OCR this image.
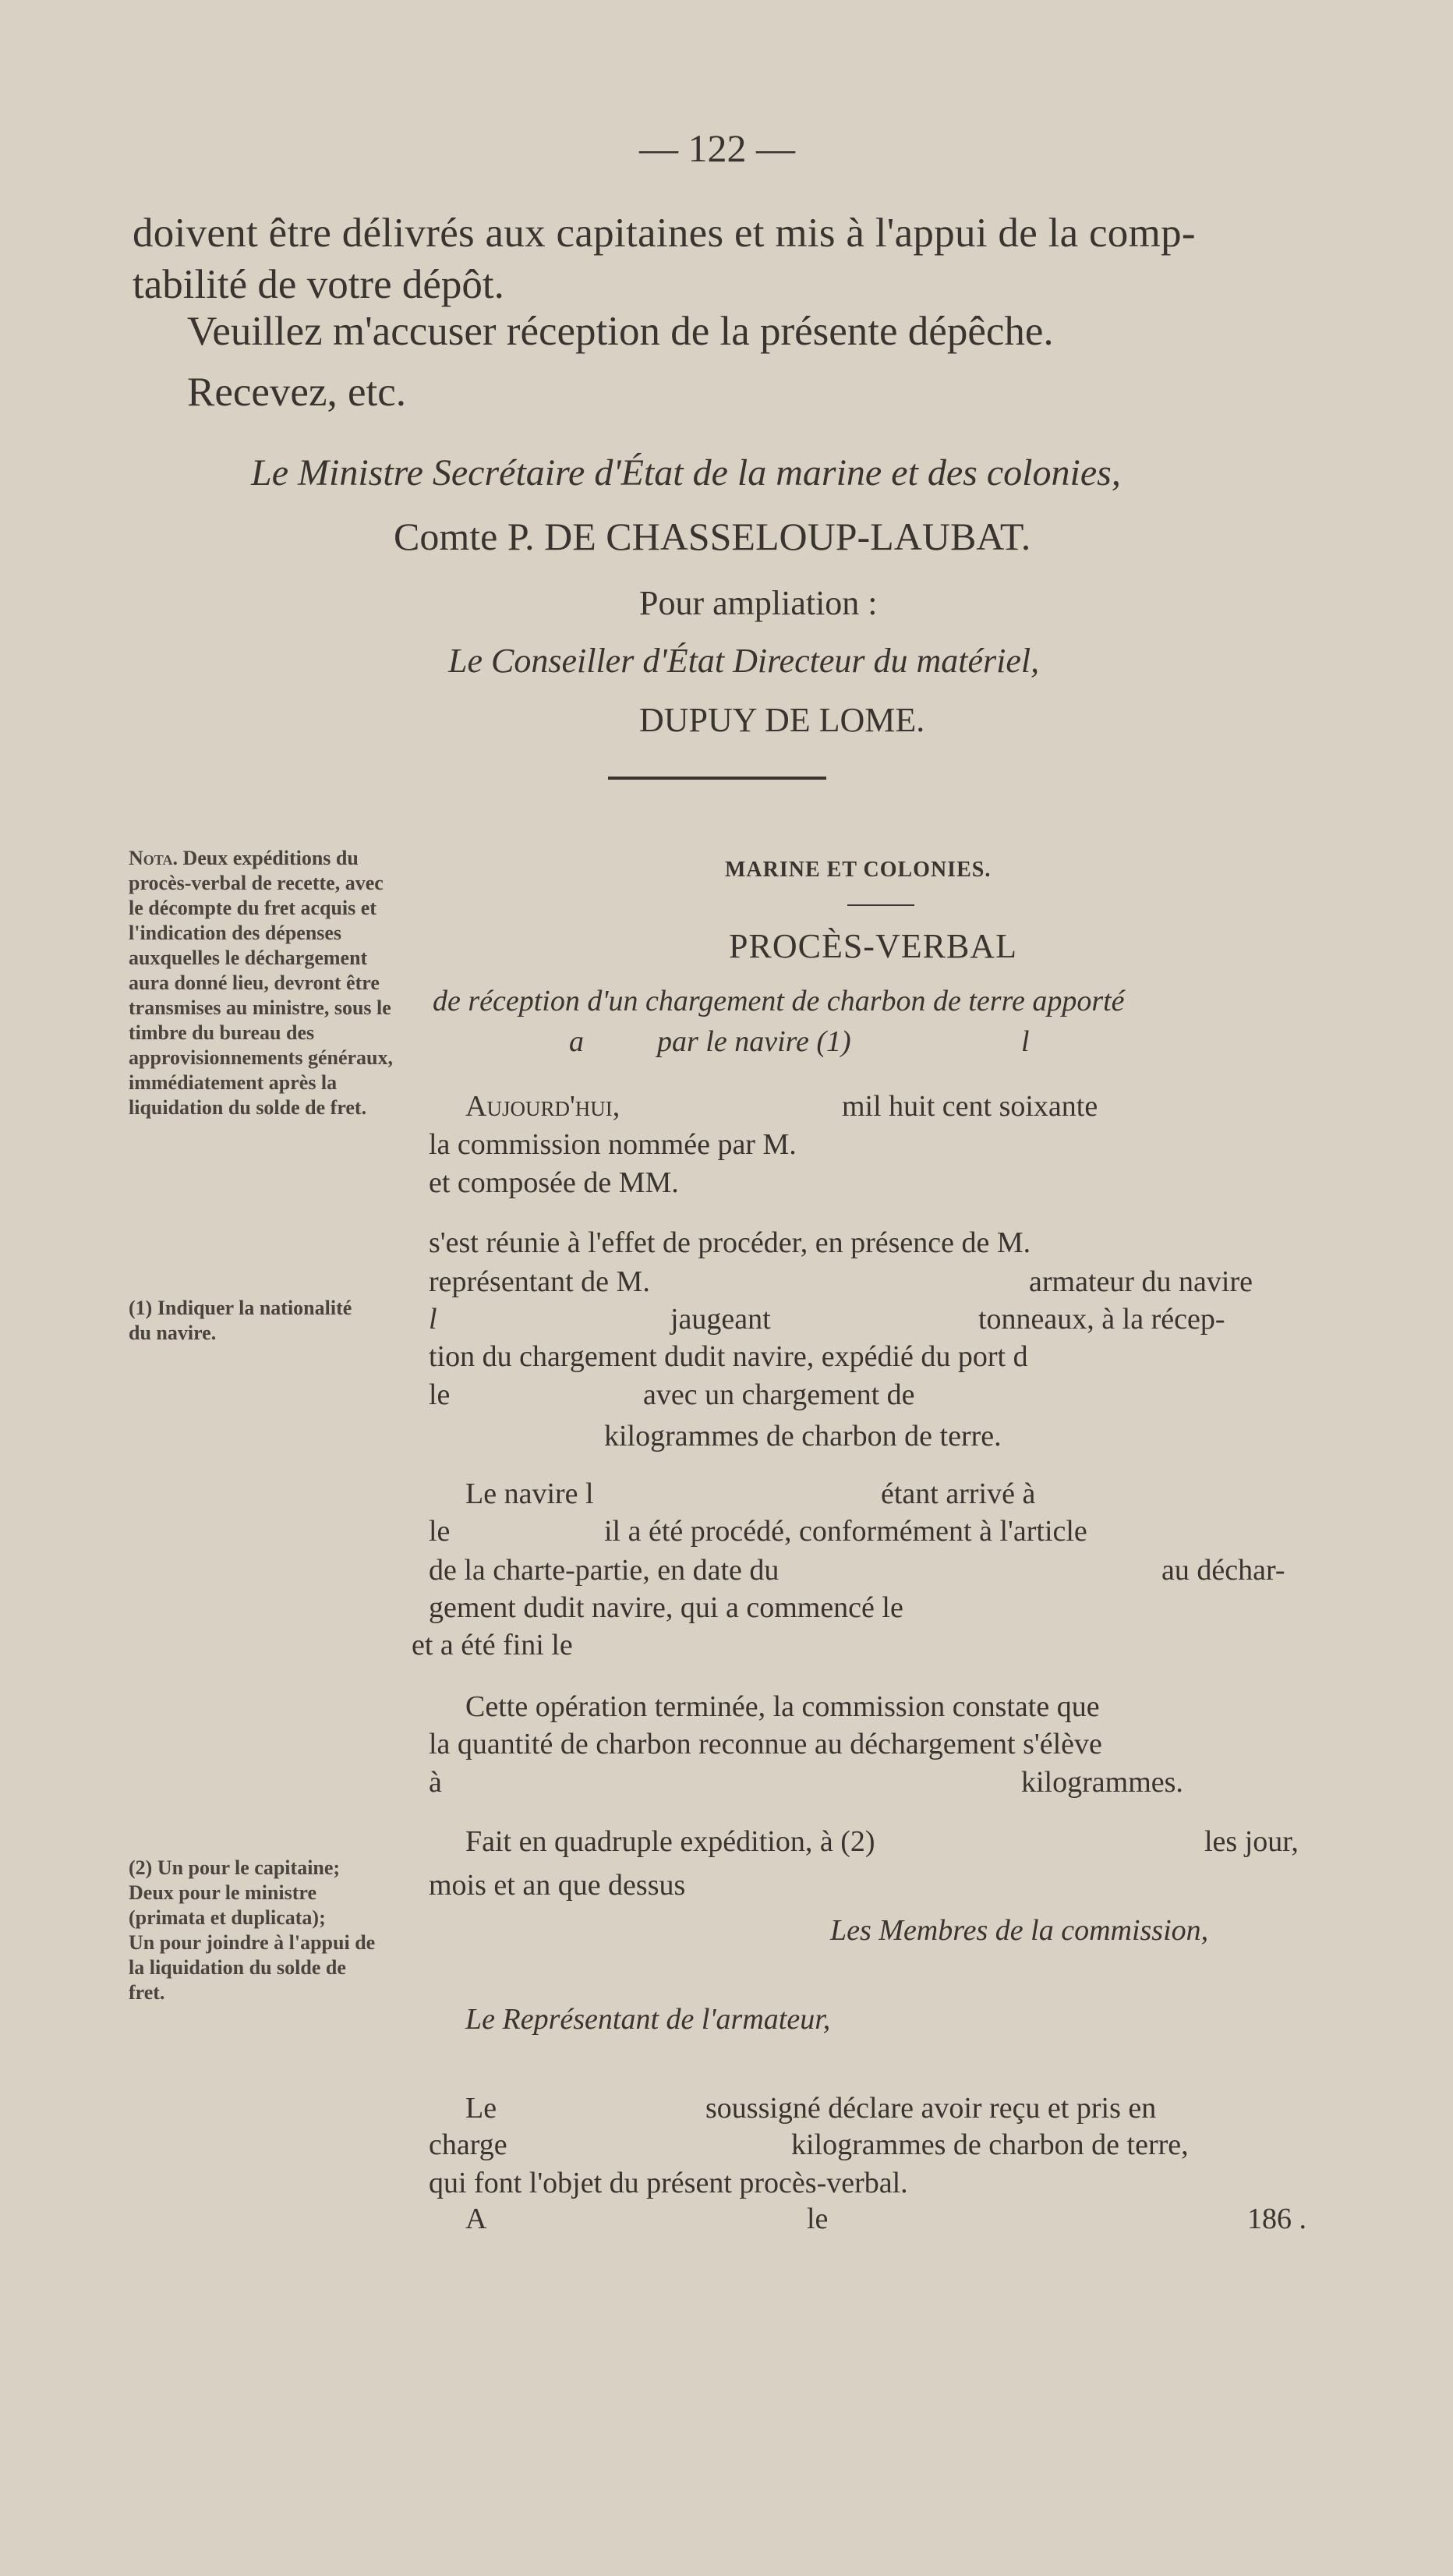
— 122 —
doivent être délivrés aux capitaines et mis à l'appui de la comp-
tabilité de votre dépôt.
Veuillez m'accuser réception de la présente dépêche.
Recevez, etc.
Le Ministre Secrétaire d'État de la marine et des colonies,
Comte P. DE CHASSELOUP-LAUBAT.
Pour ampliation :
Le Conseiller d'État Directeur du matériel,
DUPUY DE LOME.
Nota. Deux expéditions du procès-verbal de recette, avec le décompte du fret acquis et l'indication des dépenses auxquelles le déchargement aura donné lieu, devront être transmises au ministre, sous le timbre du bureau des approvisionnements généraux, immédiatement après la liquidation du solde de fret.
(1) Indiquer la nationalité du navire.
(2) Un pour le capitaine;
Deux pour le ministre (primata et duplicata);
Un pour joindre à l'appui de la liquidation du solde de fret.
MARINE ET COLONIES.
PROCÈS-VERBAL
de réception d'un chargement de charbon de terre apporté
a par le navire (1)	l
Aujourd'hui,	mil huit cent soixante
la commission nommée par M.
et composée de MM.
s'est réunie à l'effet de procéder, en présence de M.
représentant de M.	armateur du navire
l	jaugeant	tonneaux, à la récep-
tion du chargement dudit navire, expédié du port d
le	avec un chargement de
kilogrammes de charbon de terre.
Le navire l	étant arrivé à
le	il a été procédé, conformément à l'article
de la charte-partie, en date du	au déchar-
gement dudit navire, qui a commencé le
et a été fini le
Cette opération terminée, la commission constate que
la quantité de charbon reconnue au déchargement s'élève
à	kilogrammes.
Fait en quadruple expédition, à (2)	les jour,
mois et an que dessus
Les Membres de la commission,
Le Représentant de l'armateur,
Le	soussigné déclare avoir reçu et pris en
charge	kilogrammes de charbon de terre,
qui font l'objet du présent procès-verbal.
A	le	186 .
